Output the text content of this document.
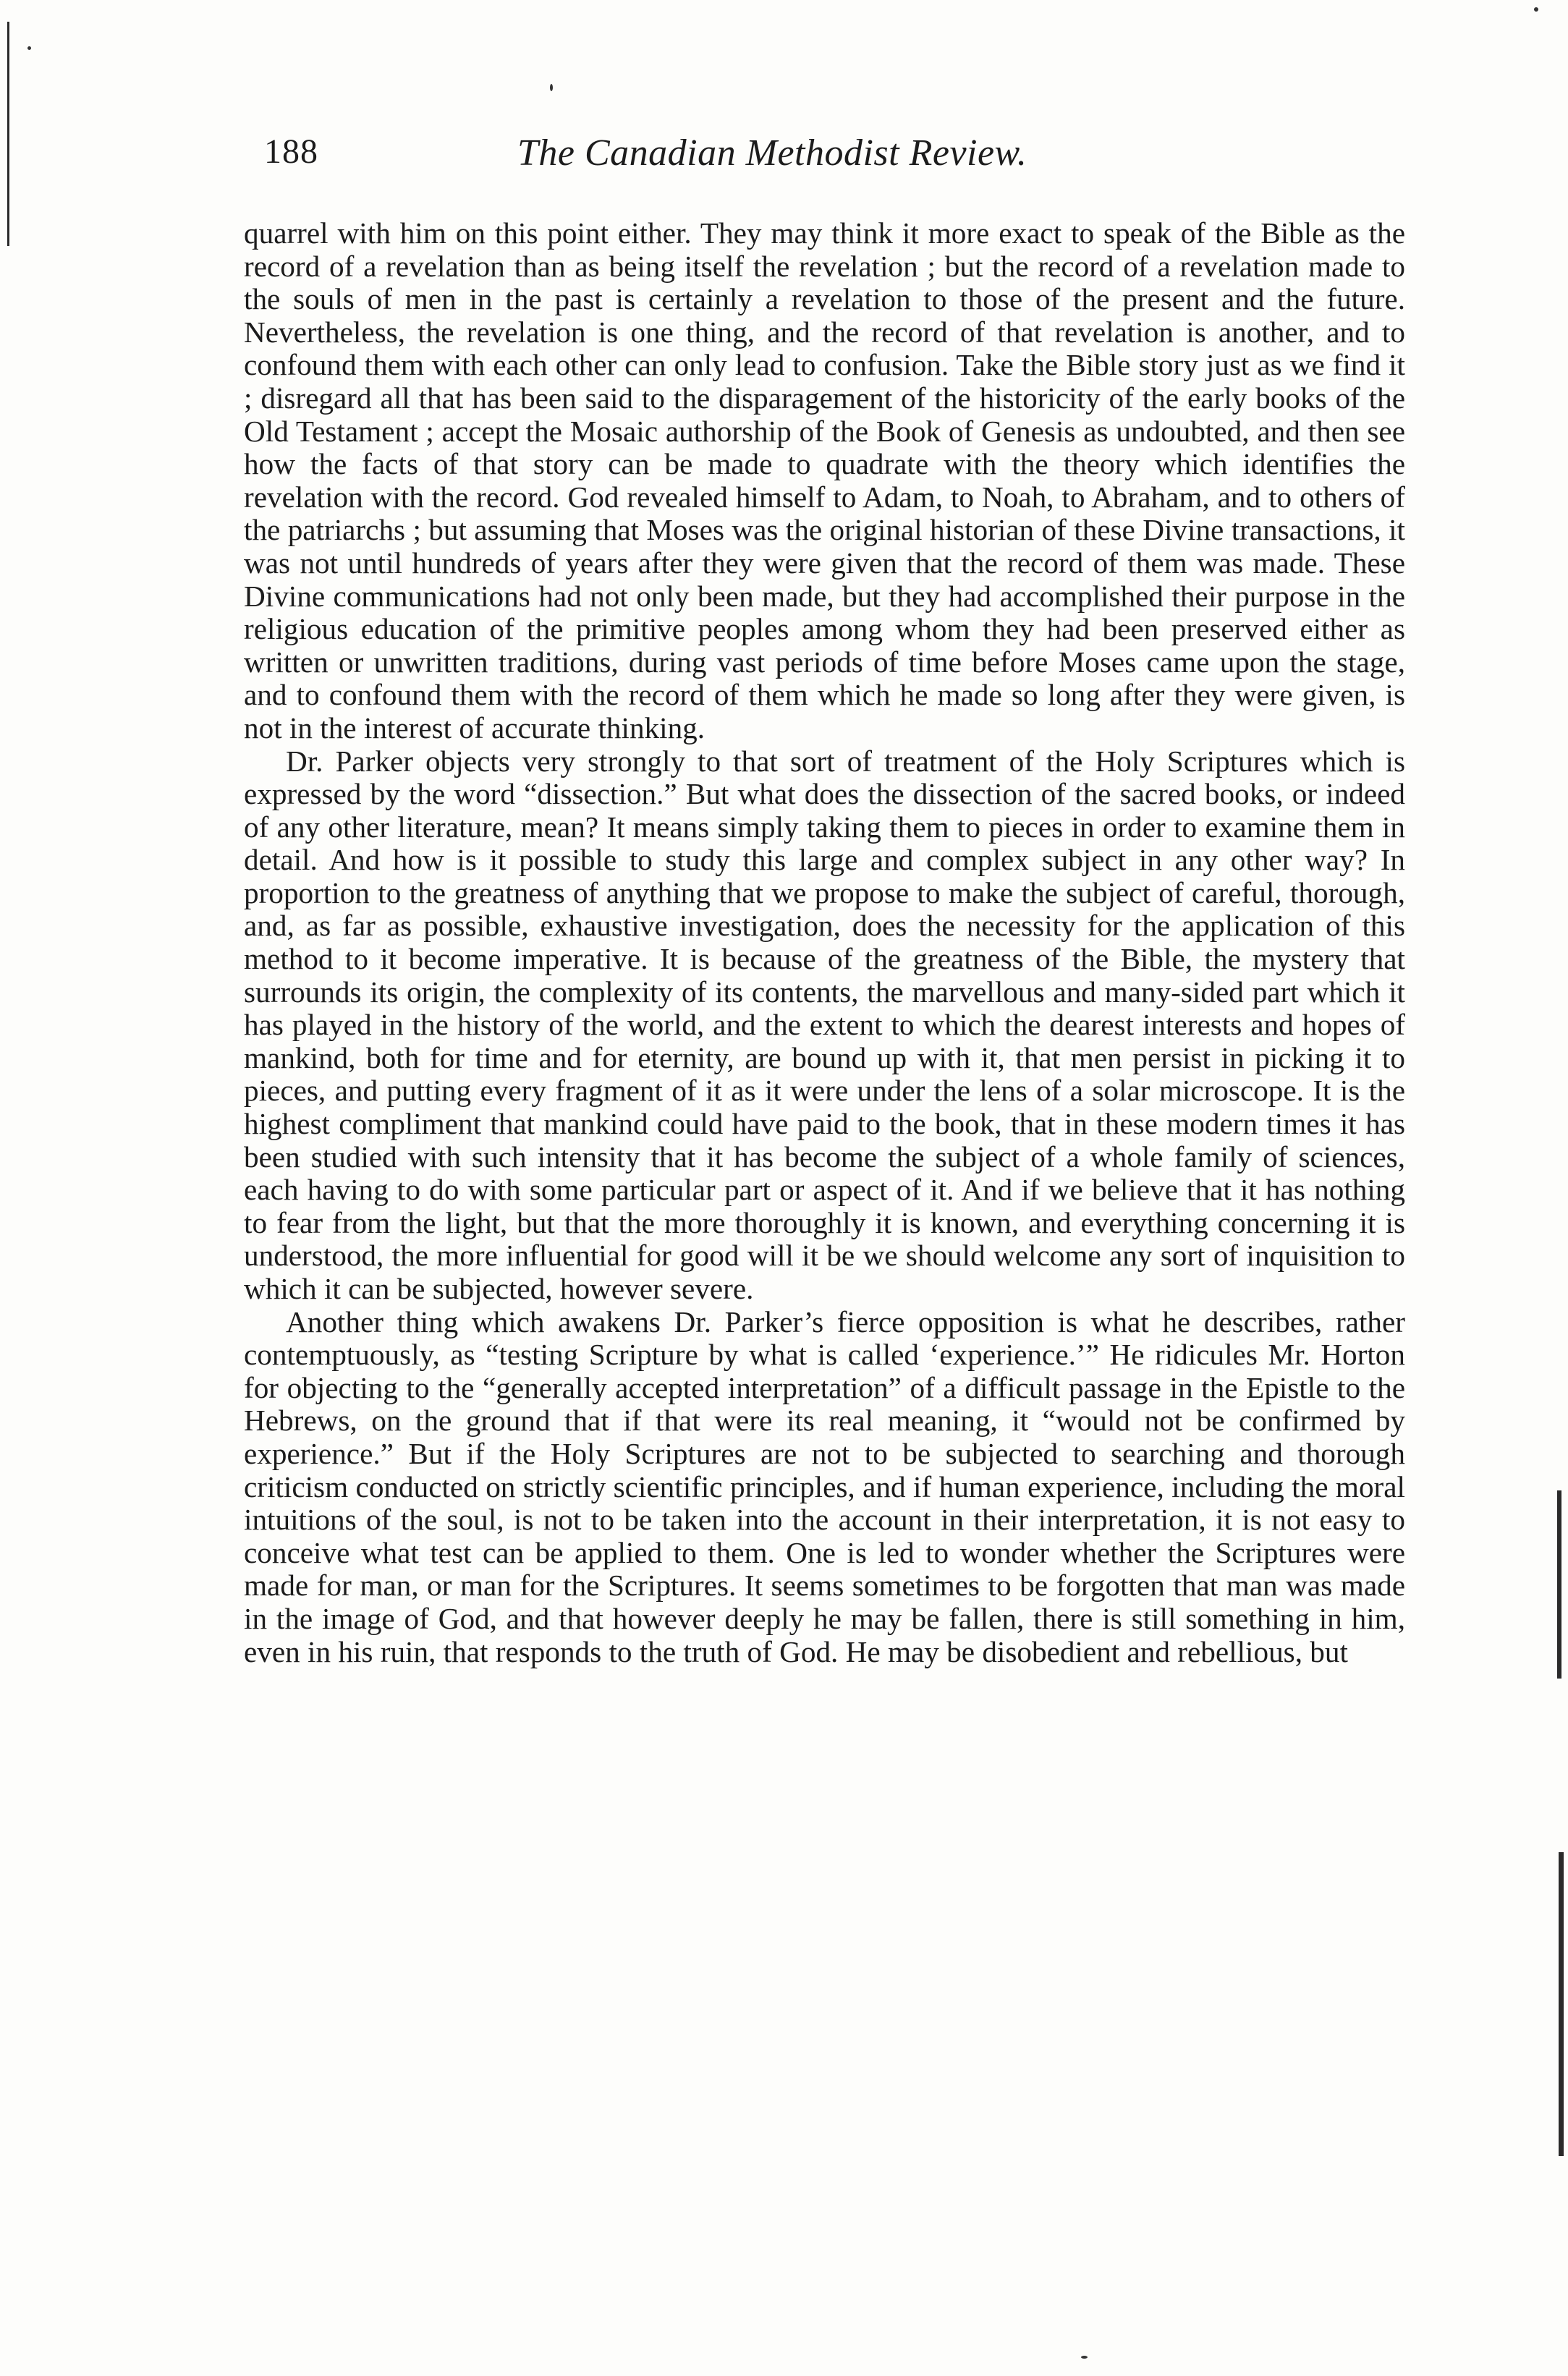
188	The Canadian Methodist Review.

quarrel with him on this point either. They may think it more exact to speak of the Bible as the record of a revelation than as being itself the revelation ; but the record of a revelation made to the souls of men in the past is certainly a revelation to those of the present and the future. Nevertheless, the revelation is one thing, and the record of that revelation is another, and to confound them with each other can only lead to confusion. Take the Bible story just as we find it ; disregard all that has been said to the disparagement of the historicity of the early books of the Old Testament ; accept the Mosaic authorship of the Book of Genesis as undoubted, and then see how the facts of that story can be made to quadrate with the theory which identifies the revelation with the record. God revealed himself to Adam, to Noah, to Abraham, and to others of the patriarchs ; but assuming that Moses was the original historian of these Divine transactions, it was not until hundreds of years after they were given that the record of them was made. These Divine communications had not only been made, but they had accomplished their purpose in the religious education of the primitive peoples among whom they had been preserved either as written or unwritten traditions, during vast periods of time before Moses came upon the stage, and to confound them with the record of them which he made so long after they were given, is not in the interest of accurate thinking.

Dr. Parker objects very strongly to that sort of treatment of the Holy Scriptures which is expressed by the word “dissection.” But what does the dissection of the sacred books, or indeed of any other literature, mean? It means simply taking them to pieces in order to examine them in detail. And how is it possible to study this large and complex subject in any other way? In proportion to the greatness of anything that we propose to make the subject of careful, thorough, and, as far as possible, exhaustive investigation, does the necessity for the application of this method to it become imperative. It is because of the greatness of the Bible, the mystery that surrounds its origin, the complexity of its contents, the marvellous and many-sided part which it has played in the history of the world, and the extent to which the dearest interests and hopes of mankind, both for time and for eternity, are bound up with it, that men persist in picking it to pieces, and putting every fragment of it as it were under the lens of a solar microscope. It is the highest compliment that mankind could have paid to the book, that in these modern times it has been studied with such intensity that it has become the subject of a whole family of sciences, each having to do with some particular part or aspect of it. And if we believe that it has nothing to fear from the light, but that the more thoroughly it is known, and everything concerning it is understood, the more influential for good will it be we should welcome any sort of inquisition to which it can be subjected, however severe.

Another thing which awakens Dr. Parker’s fierce opposition is what he describes, rather contemptuously, as “testing Scripture by what is called ‘experience.’” He ridicules Mr. Horton for objecting to the “generally accepted interpretation” of a difficult passage in the Epistle to the Hebrews, on the ground that if that were its real meaning, it “would not be confirmed by experience.” But if the Holy Scriptures are not to be subjected to searching and thorough criticism conducted on strictly scientific principles, and if human experience, including the moral intuitions of the soul, is not to be taken into the account in their interpretation, it is not easy to conceive what test can be applied to them. One is led to wonder whether the Scriptures were made for man, or man for the Scriptures. It seems sometimes to be forgotten that man was made in the image of God, and that however deeply he may be fallen, there is still something in him, even in his ruin, that responds to the truth of God. He may be disobedient and rebellious, but
